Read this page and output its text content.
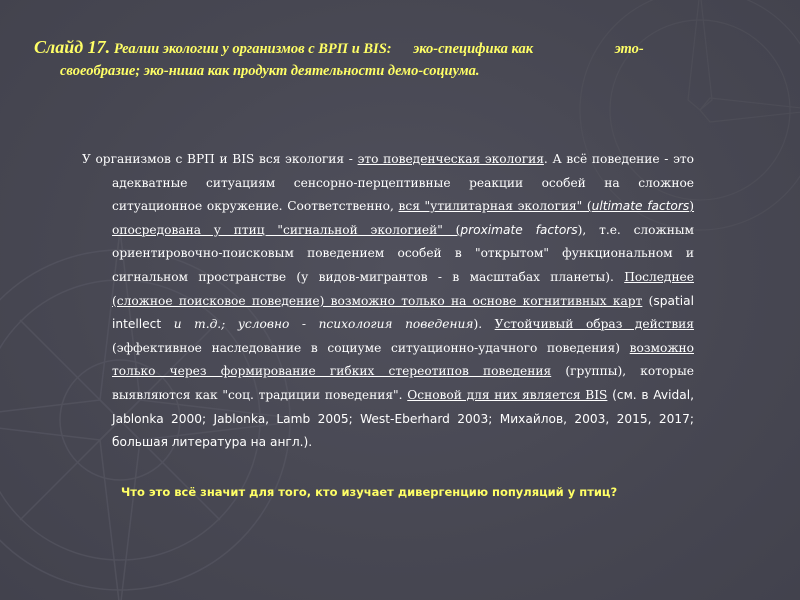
Слайд 17. Реалии экологии у организмов с ВРП и BIS: эко-специфика как	это-
своеобразие; эко-ниша как продукт деятельности демо-социума.

У организмов с ВРП и BIS вся экология - это поведенческая экология. А всё поведение - это адекватные ситуациям сенсорно-перцептивные реакции особей на сложное ситуационное окружение. Соответственно, вся "утилитарная экология" (ultimate factors) опосредована у птиц "сигнальной экологией" (proximate factors), т.е. сложным ориентировочно-поисковым поведением особей в "открытом" функциональном и сигнальном пространстве (у видов-мигрантов - в масштабах планеты). Последнее (сложное поисковое поведение) возможно только на основе когнитивных карт (spatial intellect и т.д.; условно - психология поведения). Устойчивый образ действия (эффективное наследование в социуме ситуационно-удачного поведения) возможно только через формирование гибких стереотипов поведения (группы), которые выявляются как "соц. традиции поведения". Основой для них является BIS (см. в Avidal, Jablonka 2000; Jablonka, Lamb 2005; West-Eberhard 2003; Михайлов, 2003, 2015, 2017; большая литература на англ.).

Что это всё значит для того, кто изучает дивергенцию популяций у птиц?
